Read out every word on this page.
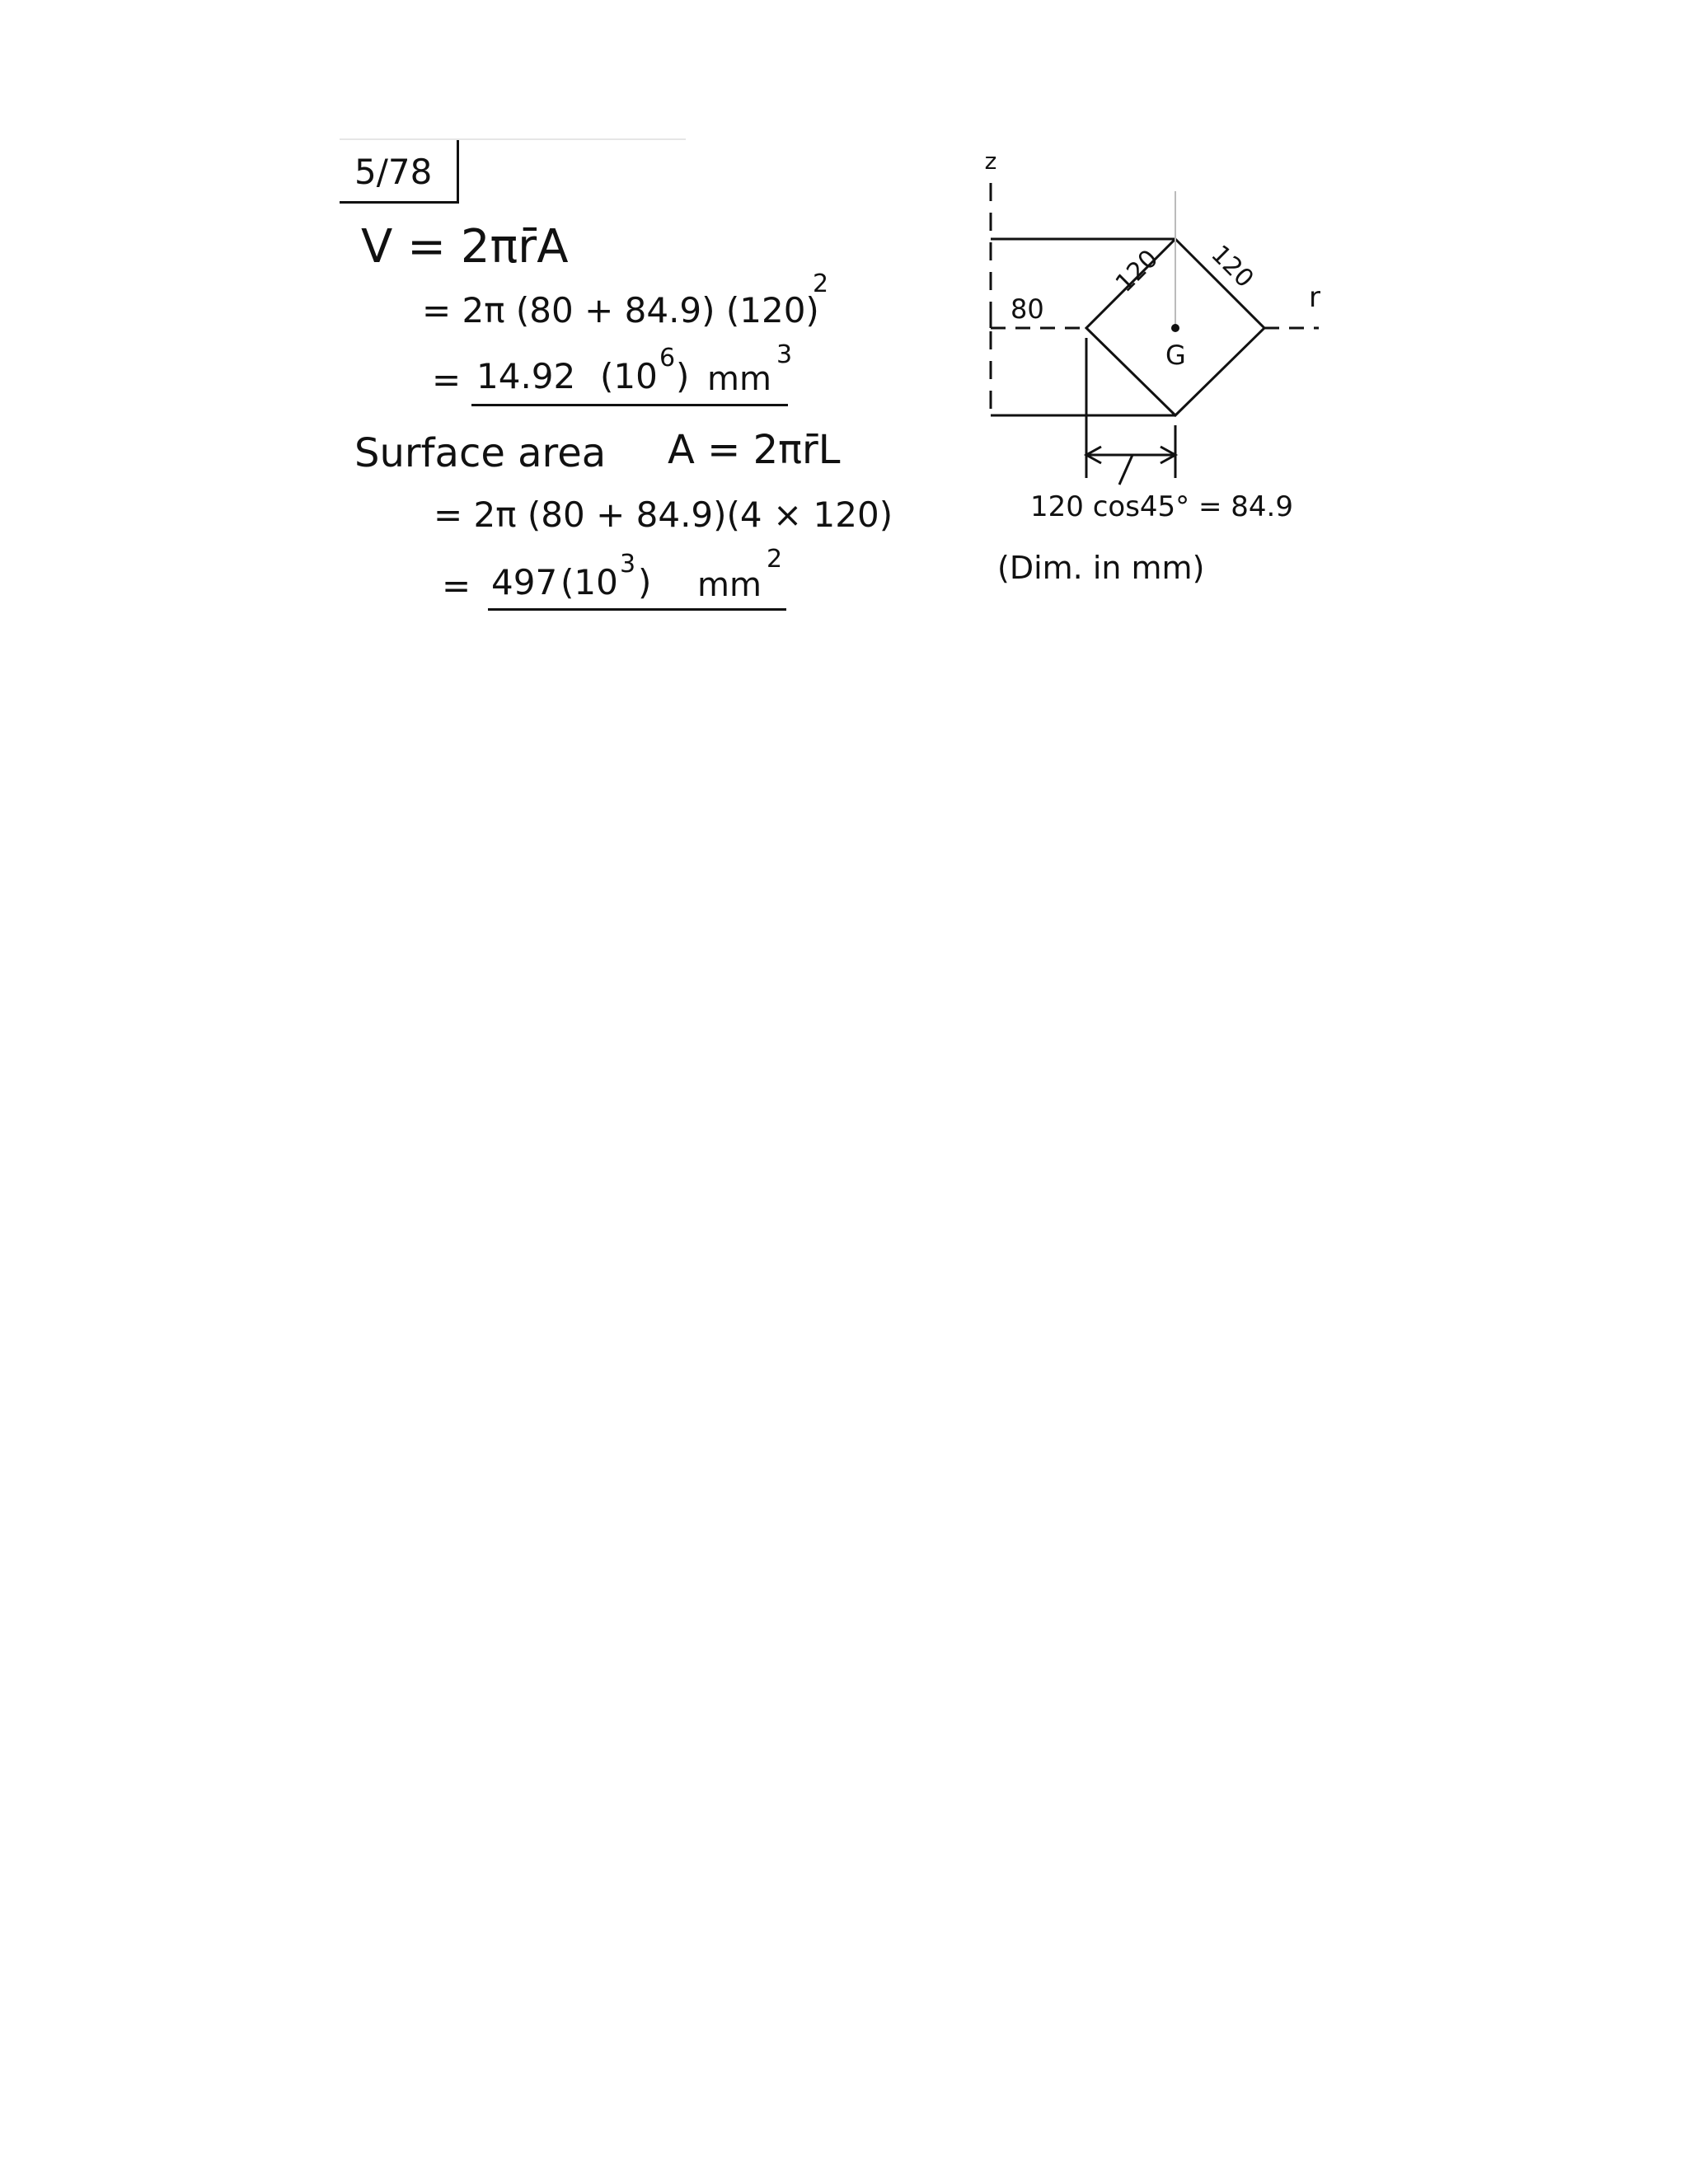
5/78
V = 2πr̄A
= 2π (80 + 84.9) (120)
2
= 14.92 (10 6 ) mm
3
Surface area A = 2πr̄L
= 2π (80 + 84.9)(4 × 120)
= 497 (10 3 ) mm
2
z
r
80
120 120
G
120 cos45° = 84.9
(Dim. in mm)
